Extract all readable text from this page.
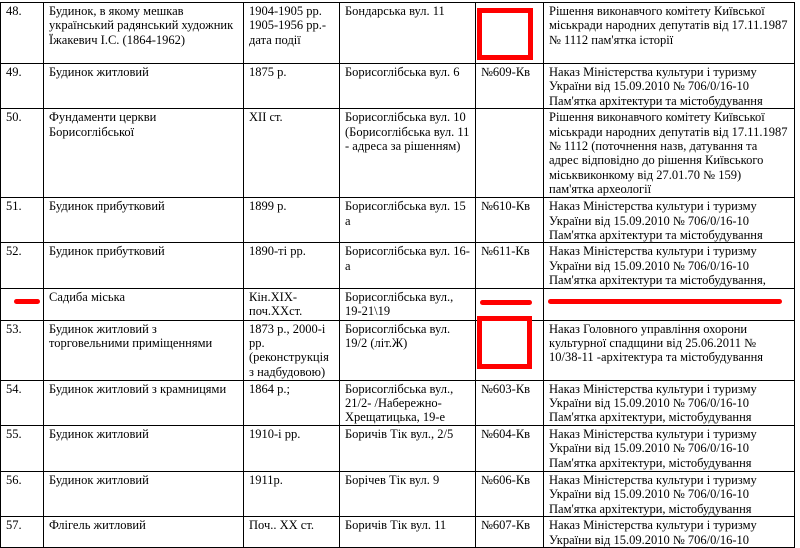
48.	Будинок, в якому мешкав український радянський художник Їжакевич І.С. (1864-1962)	1904-1905 рр. 1905-1956 рр.- дата події	Бондарська вул. 11		Рішення виконавчого комітету Київської міськради народних депутатів від 17.11.1987 № 1112 пам'ятка історії
49.	Будинок житловий	1875 р.	Борисоглібська вул. 6	№609-Кв	Наказ Міністерства культури і туризму України від 15.09.2010 № 706/0/16-10 Пам'ятка архітектури та містобудування
50.	Фундаменти церкви Борисоглібської	XII ст.	Борисоглібська вул. 10 (Борисоглібська вул. 11 - адреса за рішенням)		Рішення виконавчого комітету Київської міськради народних депутатів від 17.11.1987 № 1112 (поточнення назв, датування та адрес відповідно до рішення Київського міськвиконкому від 27.01.70 № 159) пам'ятка археології
51.	Будинок прибутковий	1899 р.	Борисоглібська вул. 15 а	№610-Кв	Наказ Міністерства культури і туризму України від 15.09.2010 № 706/0/16-10 Пам'ятка архітектури та містобудування
52.	Будинок прибутковий	1890-ті рр.	Борисоглібська вул. 16-а	№611-Кв	Наказ Міністерства культури і туризму України від 15.09.2010 № 706/0/16-10 Пам'ятка архітектури та містобудування,
	Садиба міська	Кін.XIX-поч.XXст.	Борисоглібська вул., 19-21\19		
53.	Будинок житловий з торговельними приміщеннями	1873 р., 2000-і рр. (реконструкція з надбудовою)	Борисоглібська вул. 19/2 (літ.Ж)		Наказ Головного управління охорони культурної спадщини від 25.06.2011 № 10/38-11 -архітектура та містобудування
54.	Будинок житловий з крамницями	1864 р.;	Борисоглібська вул., 21/2- /Набережно-Хрещатицька, 19-е	№603-Кв	Наказ Міністерства культури і туризму України від 15.09.2010 № 706/0/16-10 Пам'ятка архітектури, містобудування
55.	Будинок житловий	1910-і рр.	Боричів Тік вул., 2/5	№604-Кв	Наказ Міністерства культури і туризму України від 15.09.2010 № 706/0/16-10 Пам'ятка архітектури, містобудування
56.	Будинок житловий	1911р.	Борічев Тік вул. 9	№606-Кв	Наказ Міністерства культури і туризму України від 15.09.2010 № 706/0/16-10 Пам'ятка архітектури, містобудування
57.	Флігель житловий	Поч.. XX ст.	Боричів Тік вул. 11	№607-Кв	Наказ Міністерства культури і туризму України від 15.09.2010 № 706/0/16-10
